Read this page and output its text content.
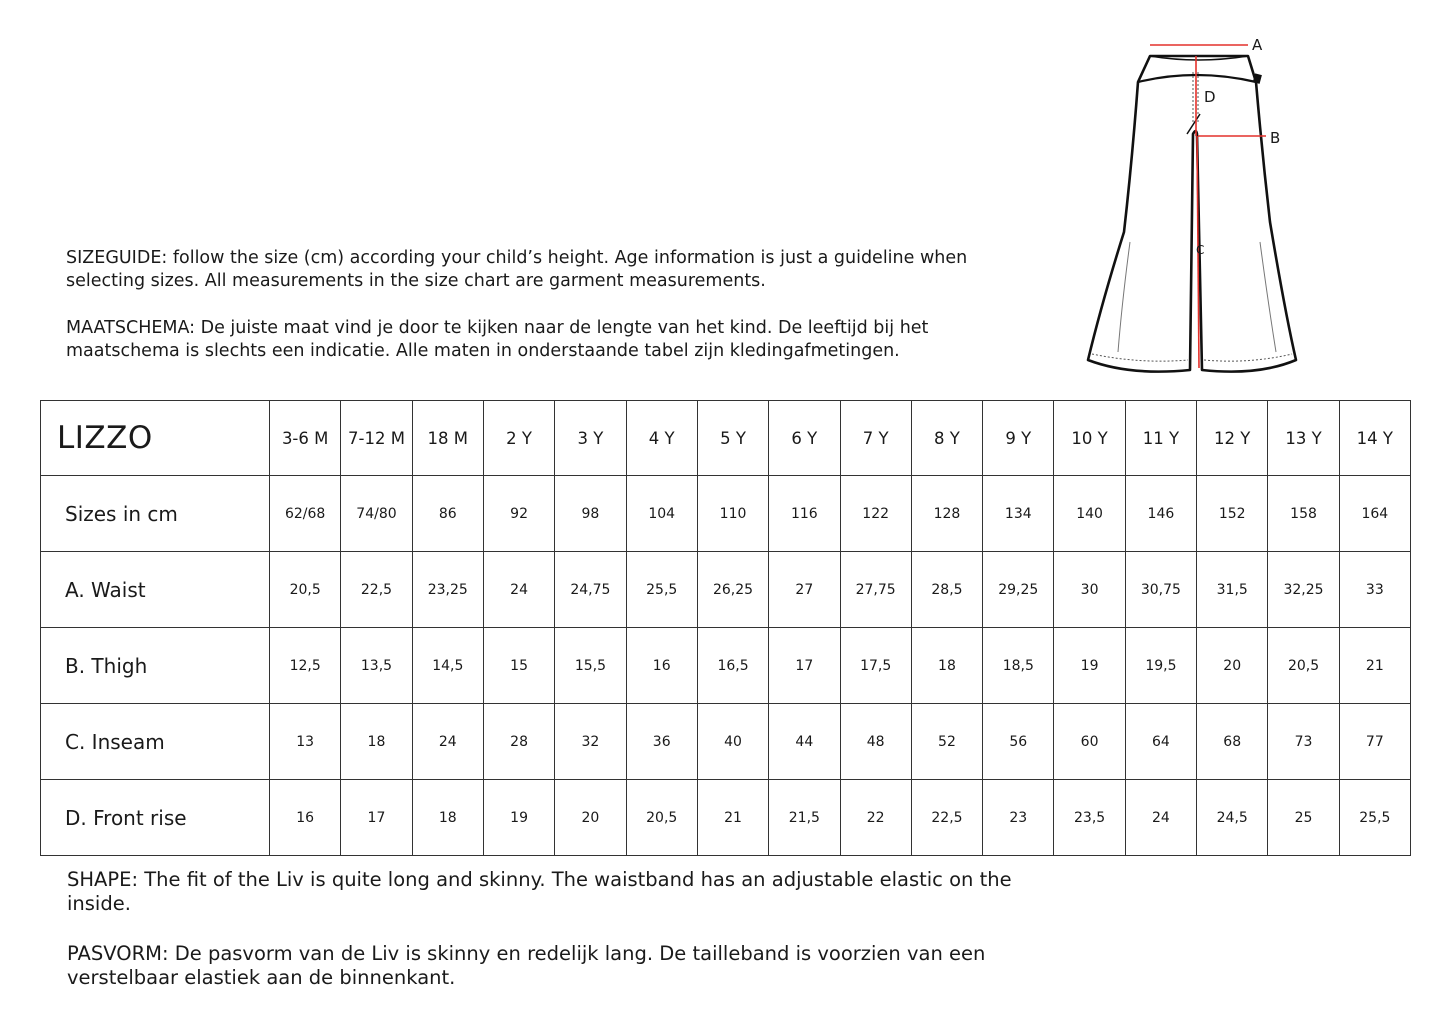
SIZEGUIDE: follow the size (cm) according your child’s height. Age information is just a guideline when selecting sizes. All measurements in the size chart are garment measurements.

MAATSCHEMA: De juiste maat vind je door te kijken naar de lengte van het kind. De leeftijd bij het maatschema is slechts een indicatie. Alle maten in onderstaande tabel zijn kledingafmetingen.

A
D
B
C
LIZZO	3-6 M	7-12 M	18 M	2 Y	3 Y	4 Y	5 Y	6 Y	7 Y	8 Y	9 Y	10 Y	11 Y	12 Y	13 Y	14 Y
Sizes in cm	62/68	74/80	86	92	98	104	110	116	122	128	134	140	146	152	158	164
A. Waist	20,5	22,5	23,25	24	24,75	25,5	26,25	27	27,75	28,5	29,25	30	30,75	31,5	32,25	33
B. Thigh	12,5	13,5	14,5	15	15,5	16	16,5	17	17,5	18	18,5	19	19,5	20	20,5	21
C. Inseam	13	18	24	28	32	36	40	44	48	52	56	60	64	68	73	77
D. Front rise	16	17	18	19	20	20,5	21	21,5	22	22,5	23	23,5	24	24,5	25	25,5

SHAPE: The fit of the Liv is quite long and skinny. The waistband has an adjustable elastic on the inside.

PASVORM: De pasvorm van de Liv is skinny en redelijk lang. De tailleband is voorzien van een verstelbaar elastiek aan de binnenkant.
